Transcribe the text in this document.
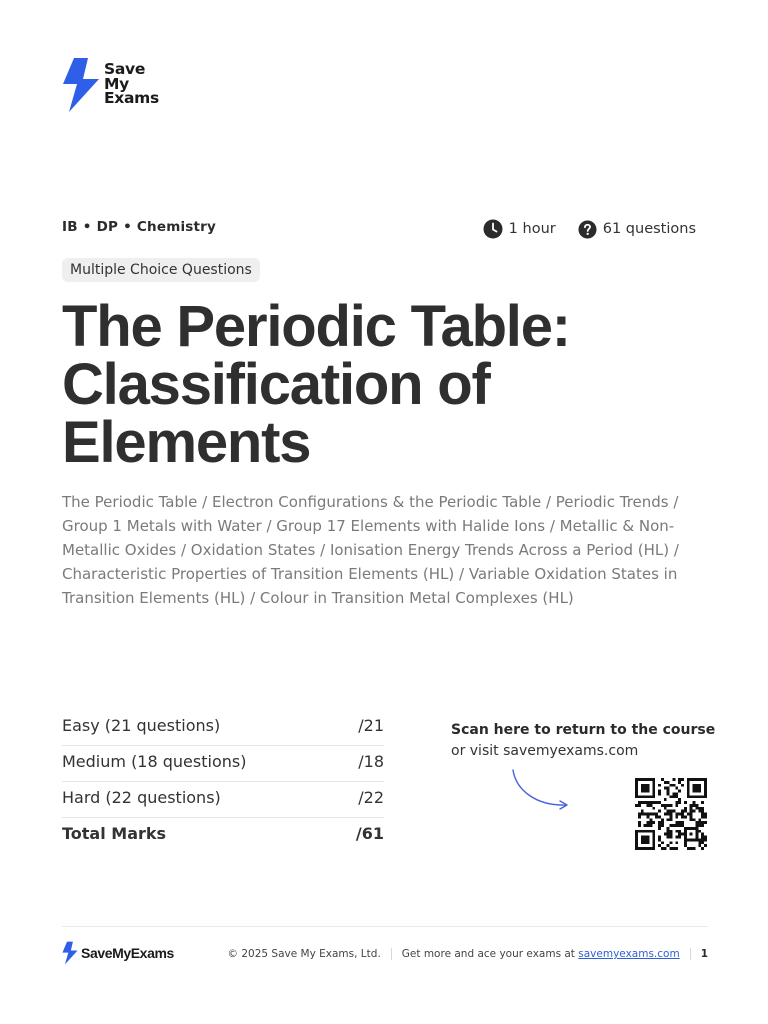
Save
My
Exams
IB • DP • Chemistry	1 hour	61 questions
Multiple Choice Questions
The Periodic Table:
Classification of
Elements

The Periodic Table / Electron Configurations & the Periodic Table / Periodic Trends / Group 1 Metals with Water / Group 17 Elements with Halide Ions / Metallic & Non-Metallic Oxides / Oxidation States / Ionisation Energy Trends Across a Period (HL) / Characteristic Properties of Transition Elements (HL) / Variable Oxidation States in Transition Elements (HL) / Colour in Transition Metal Complexes (HL)

Easy (21 questions)	/21
Medium (18 questions)	/18
Hard (22 questions)	/22
Total Marks	/61
Scan here to return to the course
or visit savemyexams.com
SaveMyExams	© 2025 Save My Exams, Ltd. Get more and ace your exams at
savemyexams.com 1
